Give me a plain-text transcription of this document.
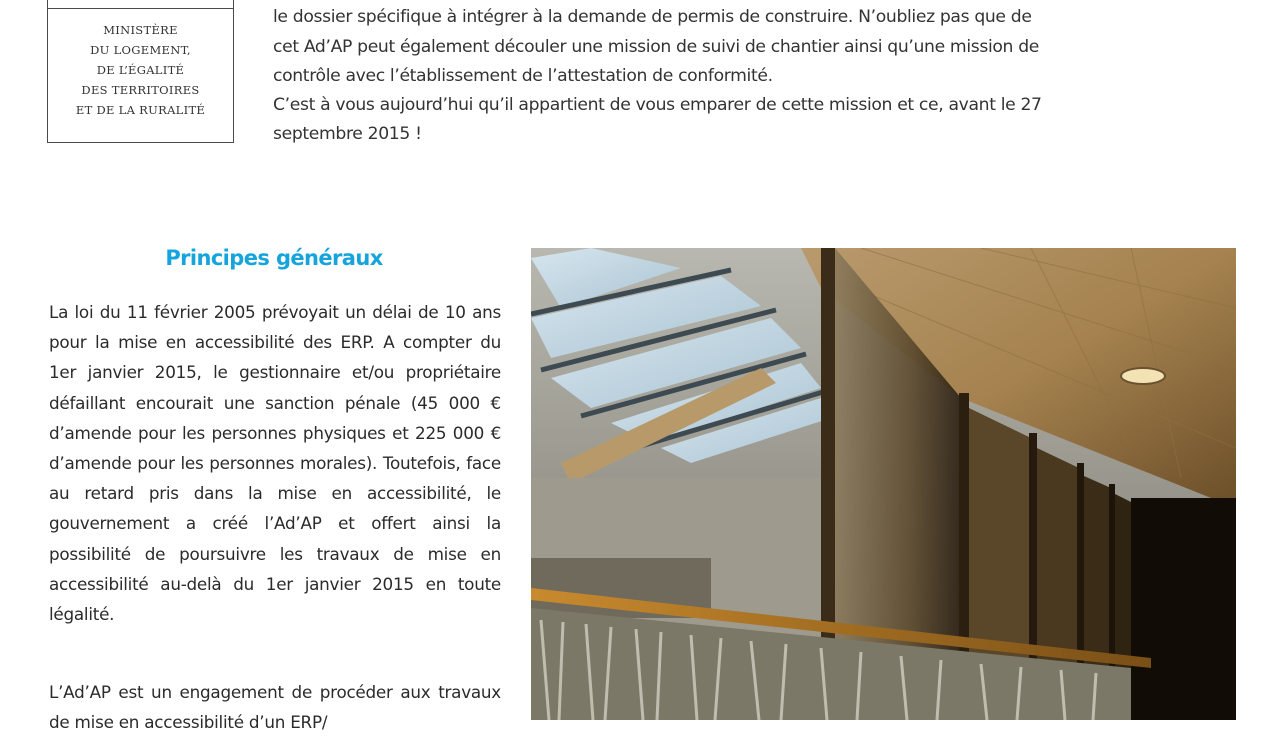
MINISTÈRE
DU LOGEMENT,
DE L’ÉGALITÉ
DES TERRITOIRES
ET DE LA RURALITÉ
le dossier spécifique à intégrer à la demande de permis de construire. N’oubliez pas que de
cet Ad’AP peut également découler une mission de suivi de chantier ainsi qu’une mission de
contrôle avec l’établissement de l’attestation de conformité.
C’est à vous aujourd’hui qu’il appartient de vous emparer de cette mission et ce, avant le 27
septembre 2015 !
Principes généraux
La loi du 11 février 2005 prévoyait un délai de 10 ans pour la mise en accessibilité des ERP. A compter du 1er janvier 2015, le gestionnaire et/ou propriétaire défaillant encourait une sanction pénale (45 000 € d’amende pour les personnes physiques et 225 000 € d’amende pour les personnes morales). Toutefois, face au retard pris dans la mise en accessibilité, le gouvernement a créé l’Ad’AP et offert ainsi la possibilité de poursuivre les travaux de mise en accessibilité au-delà du 1er janvier 2015 en toute légalité.
L’Ad’AP est un engagement de procéder aux travaux de mise en accessibilité d’un ERP/
